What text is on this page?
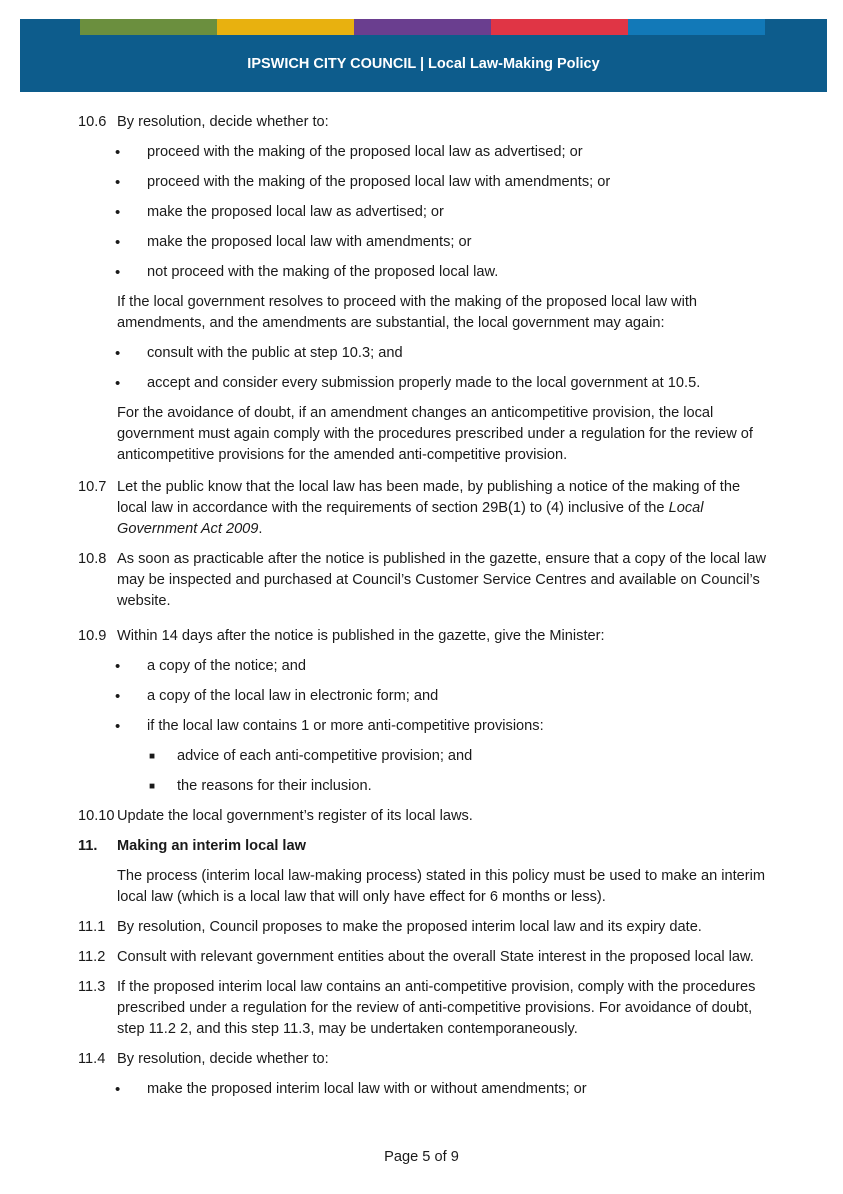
IPSWICH CITY COUNCIL | Local Law-Making Policy
10.6 By resolution, decide whether to:
• proceed with the making of the proposed local law as advertised; or
• proceed with the making of the proposed local law with amendments; or
• make the proposed local law as advertised; or
• make the proposed local law with amendments; or
• not proceed with the making of the proposed local law.
If the local government resolves to proceed with the making of the proposed local law with amendments, and the amendments are substantial, the local government may again:
• consult with the public at step 10.3; and
• accept and consider every submission properly made to the local government at 10.5.
For the avoidance of doubt, if an amendment changes an anticompetitive provision, the local government must again comply with the procedures prescribed under a regulation for the review of anticompetitive provisions for the amended anti-competitive provision.
10.7 Let the public know that the local law has been made, by publishing a notice of the making of the local law in accordance with the requirements of section 29B(1) to (4) inclusive of the Local Government Act 2009.
10.8 As soon as practicable after the notice is published in the gazette, ensure that a copy of the local law may be inspected and purchased at Council’s Customer Service Centres and available on Council’s website.
10.9 Within 14 days after the notice is published in the gazette, give the Minister:
• a copy of the notice; and
• a copy of the local law in electronic form; and
• if the local law contains 1 or more anti-competitive provisions:
■ advice of each anti-competitive provision; and
■ the reasons for their inclusion.
10.10 Update the local government’s register of its local laws.
11. Making an interim local law
The process (interim local law-making process) stated in this policy must be used to make an interim local law (which is a local law that will only have effect for 6 months or less).
11.1 By resolution, Council proposes to make the proposed interim local law and its expiry date.
11.2 Consult with relevant government entities about the overall State interest in the proposed local law.
11.3 If the proposed interim local law contains an anti-competitive provision, comply with the procedures prescribed under a regulation for the review of anti-competitive provisions. For avoidance of doubt, step 11.2 2, and this step 11.3, may be undertaken contemporaneously.
11.4 By resolution, decide whether to:
• make the proposed interim local law with or without amendments; or
Page 5 of 9
